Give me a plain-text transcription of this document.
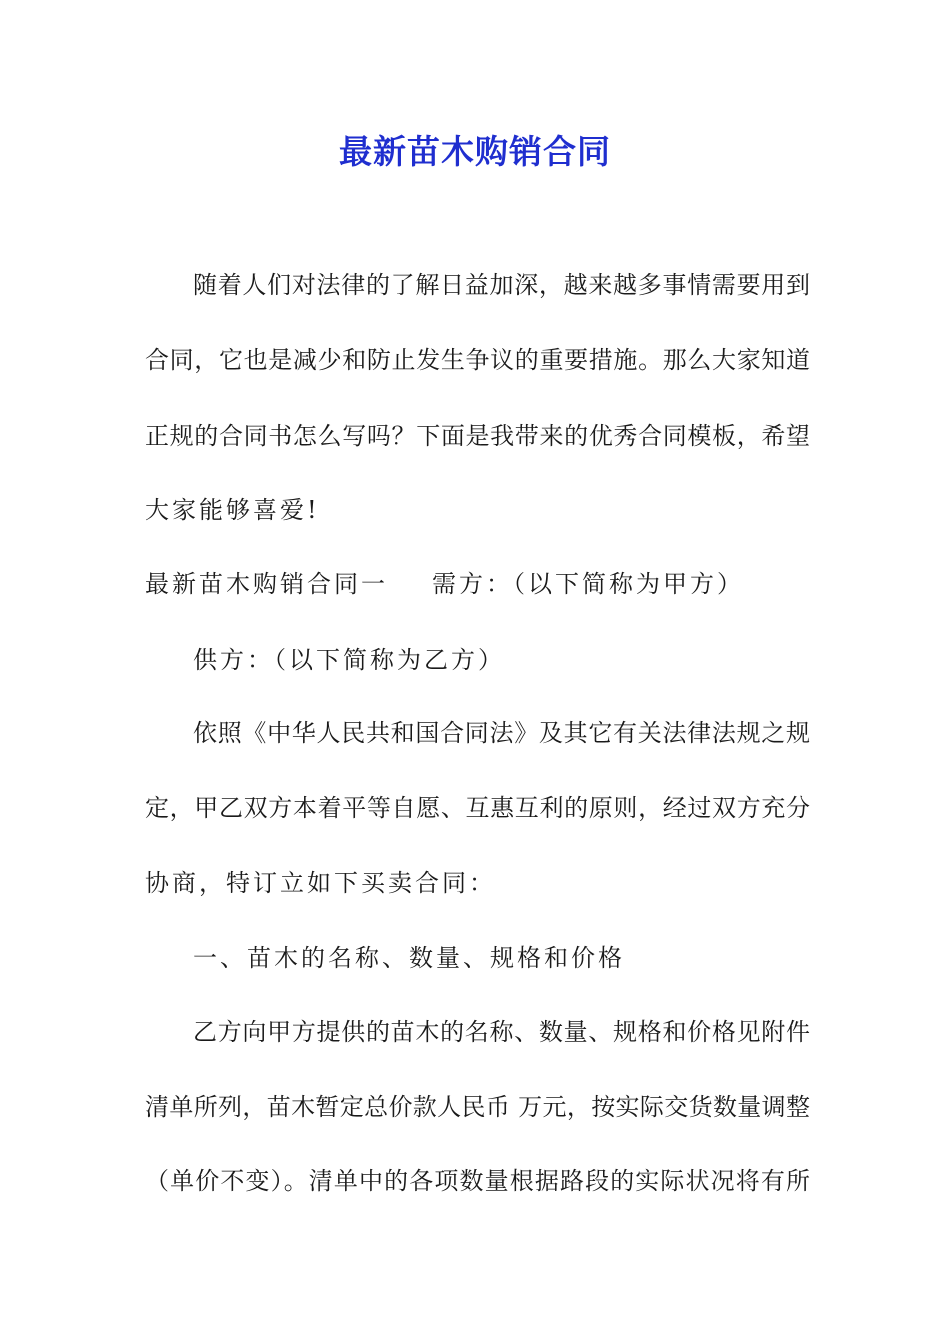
最新苗木购销合同

随着人们对法律的了解日益加深，越来越多事情需要用到

合同，它也是减少和防止发生争议的重要措施。那么大家知道

正规的合同书怎么写吗？下面是我带来的优秀合同模板，希望

大家能够喜爱!

最新苗木购销合同一 需方：（以下简称为甲方）

供方：（以下简称为乙方）

依照《中华人民共和国合同法》及其它有关法律法规之规

定，甲乙双方本着平等自愿、互惠互利的原则，经过双方充分

协商，特订立如下买卖合同：

一、苗木的名称、数量、规格和价格

乙方向甲方提供的苗木的名称、数量、规格和价格见附件

清单所列，苗木暂定总价款人民币 万元，按实际交货数量调整

（单价不变）。清单中的各项数量根据路段的实际状况将有所
